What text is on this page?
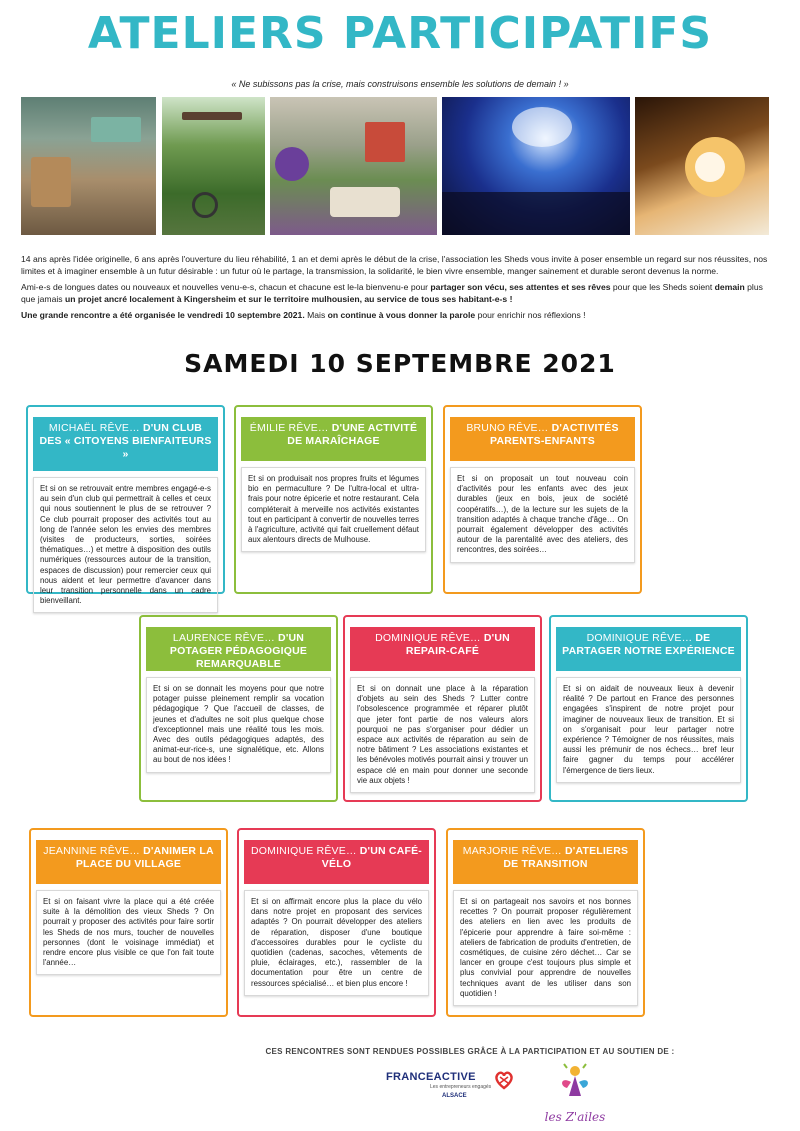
ATELIERS PARTICIPATIFS
« Ne subissons pas la crise, mais construisons ensemble les solutions de demain ! »

14 ans après l'idée originelle, 6 ans après l'ouverture du lieu réhabilité, 1 an et demi après le début de la crise, l'association les Sheds vous invite à poser ensemble un regard sur nos réussites, nos limites et à imaginer ensemble à un futur désirable : un futur où le partage, la transmission, la solidarité, le bien vivre ensemble, manger sainement et durable seront devenus la norme.

Ami-e-s de longues dates ou nouveaux et nouvelles venu-e-s, chacun et chacune est le-la bienvenu-e pour partager son vécu, ses attentes et ses rêves pour que les Sheds soient demain plus que jamais un projet ancré localement à Kingersheim et sur le territoire mulhousien, au service de tous ses habitant-e-s !

Une grande rencontre a été organisée le vendredi 10 septembre 2021. Mais on continue à vous donner la parole pour enrichir nos réflexions !

SAMEDI 10 SEPTEMBRE 2021
MICHAËL RÊVE… D'UN CLUB DES « CITOYENS BIENFAITEURS »
Et si on se retrouvait entre membres engagé-e-s au sein d'un club qui permettrait à celles et ceux qui nous soutiennent le plus de se retrouver ? Ce club pourrait proposer des activités tout au long de l'année selon les envies des membres (visites de producteurs, sorties, soirées thématiques…) et mettre à disposition des outils numériques (ressources autour de la transition, espaces de discussion) pour remercier ceux qui nous aident et leur permettre d'avancer dans leur transition personnelle dans un cadre bienveillant.
ÉMILIE RÊVE… D'UNE ACTIVITÉ DE MARAÎCHAGE
Et si on produisait nos propres fruits et légumes bio en permaculture ? De l'ultra-local et ultra-frais pour notre épicerie et notre restaurant. Cela compléterait à merveille nos activités existantes tout en participant à convertir de nouvelles terres à l'agriculture, activité qui fait cruellement défaut aux alentours directs de Mulhouse.
BRUNO RÊVE… D'ACTIVITÉS PARENTS-ENFANTS
Et si on proposait un tout nouveau coin d'activités pour les enfants avec des jeux durables (jeux en bois, jeux de société coopératifs…), de la lecture sur les sujets de la transition adaptés à chaque tranche d'âge… On pourrait également développer des activités autour de la parentalité avec des ateliers, des rencontres, des soirées…
LAURENCE RÊVE… D'UN POTAGER PÉDAGOGIQUE REMARQUABLE
Et si on se donnait les moyens pour que notre potager puisse pleinement remplir sa vocation pédagogique ? Que l'accueil de classes, de jeunes et d'adultes ne soit plus quelque chose d'exceptionnel mais une réalité tous les mois. Avec des outils pédagogiques adaptés, des animat-eur-rice-s, une signalétique, etc. Allons au bout de nos idées !
DOMINIQUE RÊVE… D'UN REPAIR-CAFÉ
Et si on donnait une place à la réparation d'objets au sein des Sheds ? Lutter contre l'obsolescence programmée et réparer plutôt que jeter font partie de nos valeurs alors pourquoi ne pas s'organiser pour dédier un espace aux activités de réparation au sein de notre bâtiment ? Les associations existantes et les bénévoles motivés pourrait ainsi y trouver un espace clé en main pour donner une seconde vie aux objets !
DOMINIQUE RÊVE… DE PARTAGER NOTRE EXPÉRIENCE
Et si on aidait de nouveaux lieux à devenir réalité ? De partout en France des personnes engagées s'inspirent de notre projet pour imaginer de nouveaux lieux de transition. Et si on s'organisait pour leur partager notre expérience ? Témoigner de nos réussites, mais aussi les prémunir de nos échecs… bref leur faire gagner du temps pour accélérer l'émergence de tiers lieux.
JEANNINE RÊVE… D'ANIMER LA PLACE DU VILLAGE
Et si on faisant vivre la place qui a été créée suite à la démolition des vieux Sheds ? On pourrait y proposer des activités pour faire sortir les Sheds de nos murs, toucher de nouvelles personnes (dont le voisinage immédiat) et rendre encore plus visible ce que l'on fait toute l'année…
DOMINIQUE RÊVE… D'UN CAFÉ-VÉLO
Et si on affirmait encore plus la place du vélo dans notre projet en proposant des services adaptés ? On pourrait développer des ateliers de réparation, disposer d'une boutique d'accessoires durables pour le cycliste du quotidien (cadenas, sacoches, vêtements de pluie, éclairages, etc.), rassembler de la documentation pour être un centre de ressources spécialisé… et bien plus encore !
MARJORIE RÊVE… D'ATELIERS DE TRANSITION
Et si on partageait nos savoirs et nos bonnes recettes ? On pourrait proposer régulièrement des ateliers en lien avec les produits de l'épicerie pour apprendre à faire soi-même : ateliers de fabrication de produits d'entretien, de cosmétiques, de cuisine zéro déchet… Car se lancer en groupe c'est toujours plus simple et plus convivial pour apprendre de nouvelles techniques avant de les utiliser dans son quotidien !
CES RENCONTRES SONT RENDUES POSSIBLES GRÂCE À LA PARTICIPATION ET AU SOUTIEN DE :
FRANCEACTIVE
Les entrepreneurs engagés
ALSACE
les Z'ailes
